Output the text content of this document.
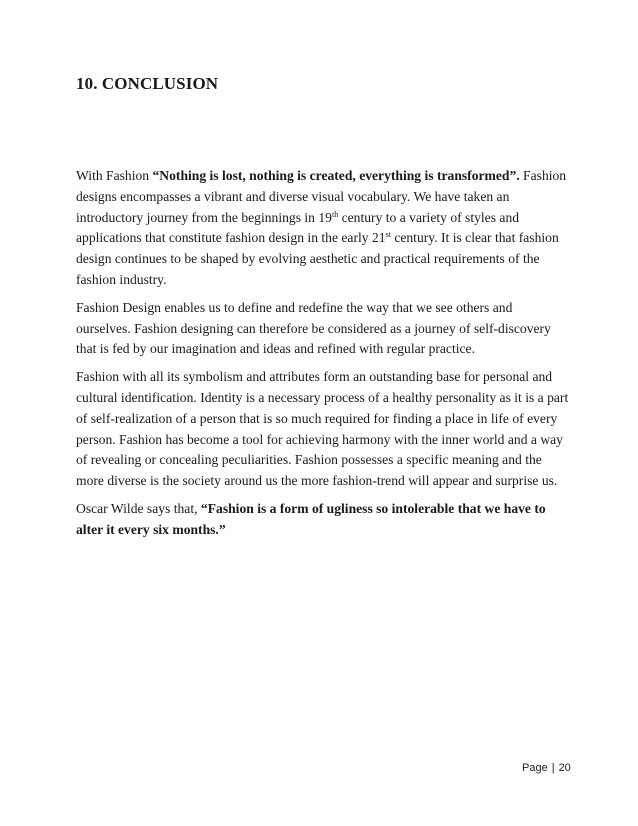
10. CONCLUSION

With Fashion “Nothing is lost, nothing is created, everything is transformed”. Fashion designs encompasses a vibrant and diverse visual vocabulary. We have taken an introductory journey from the beginnings in 19th century to a variety of styles and applications that constitute fashion design in the early 21st century. It is clear that fashion design continues to be shaped by evolving aesthetic and practical requirements of the fashion industry.

Fashion Design enables us to define and redefine the way that we see others and ourselves. Fashion designing can therefore be considered as a journey of self-discovery that is fed by our imagination and ideas and refined with regular practice.

Fashion with all its symbolism and attributes form an outstanding base for personal and cultural identification. Identity is a necessary process of a healthy personality as it is a part of self-realization of a person that is so much required for finding a place in life of every person. Fashion has become a tool for achieving harmony with the inner world and a way of revealing or concealing peculiarities. Fashion possesses a specific meaning and the more diverse is the society around us the more fashion-trend will appear and surprise us.

Oscar Wilde says that, “Fashion is a form of ugliness so intolerable that we have to alter it every six months.”

Page | 20
